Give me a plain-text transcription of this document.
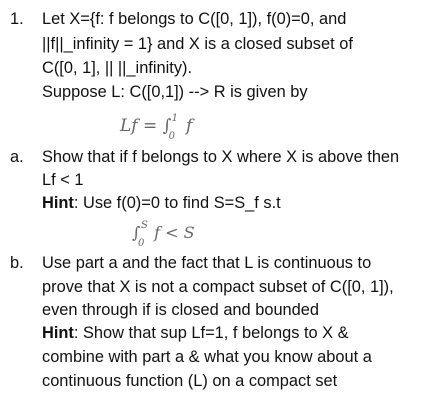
1. Let X={f: f belongs to C([0, 1]), f(0)=0, and
||f||_infinity = 1} and X is a closed subset of
C([0, 1], || ||_infinity).
Suppose L: C([0,1]) --> R is given by
Lf = ∫ 1
0
f
a. Show that if f belongs to X where X is above then
Lf < 1
Hint: Use f(0)=0 to find S=S_f s.t
∫ S
0
f < S
b. Use part a and the fact that L is continuous to
prove that X is not a compact subset of C([0, 1]),
even through if is closed and bounded
Hint: Show that sup Lf=1, f belongs to X &
combine with part a & what you know about a
continuous function (L) on a compact set
